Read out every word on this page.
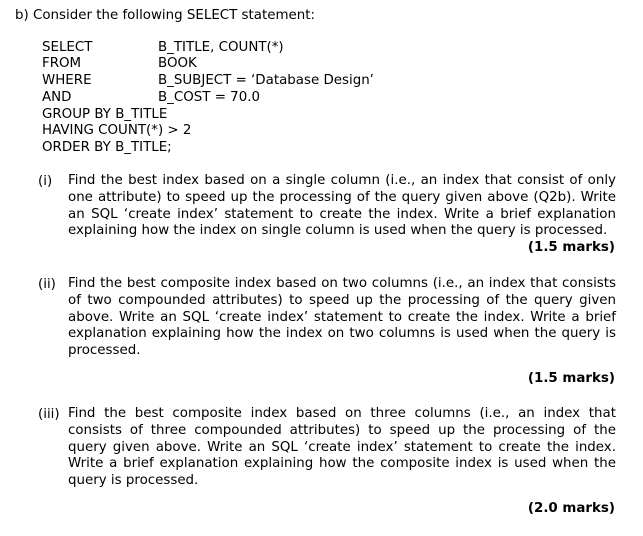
b) Consider the following SELECT statement:
SELECT	B_TITLE, COUNT(*)
FROM	BOOK
WHERE	B_SUBJECT = ‘Database Design’
AND	B_COST = 70.0
GROUP BY B_TITLE
HAVING COUNT(*) > 2
ORDER BY B_TITLE;
(i) Find the best index based on a single column (i.e., an index that consist of only one attribute) to speed up the processing of the query given above (Q2b). Write an SQL ‘create index’ statement to create the index. Write a brief explanation explaining how the index on single column is used when the query is processed.
(1.5 marks)
(ii) Find the best composite index based on two columns (i.e., an index that consists of two compounded attributes) to speed up the processing of the query given above. Write an SQL ‘create index’ statement to create the index. Write a brief explanation explaining how the index on two columns is used when the query is processed.
(1.5 marks)
(iii) Find the best composite index based on three columns (i.e., an index that consists of three compounded attributes) to speed up the processing of the query given above. Write an SQL ‘create index’ statement to create the index. Write a brief explanation explaining how the composite index is used when the query is processed.
(2.0 marks)
